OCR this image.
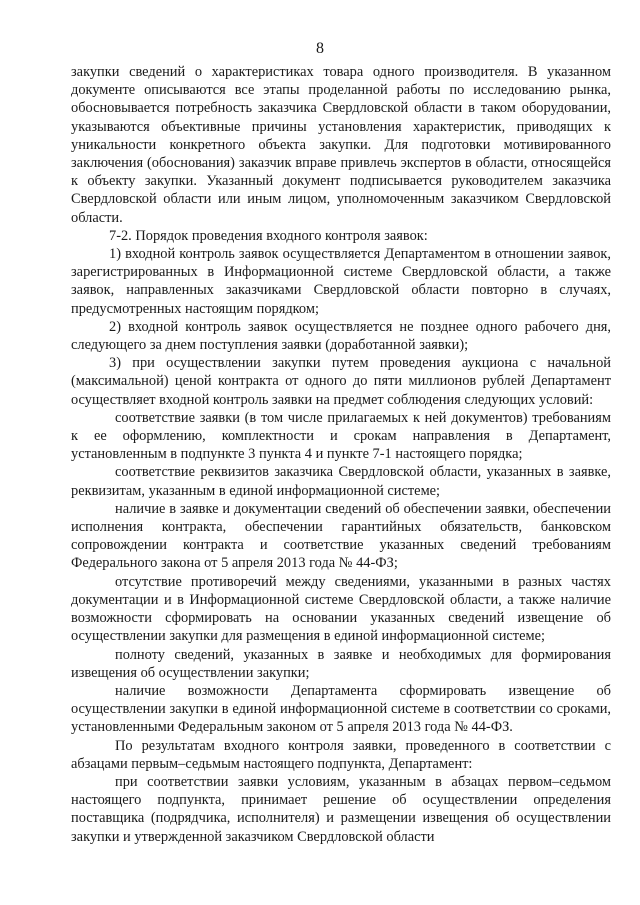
8

закупки сведений о характеристиках товара одного производителя. В указанном документе описываются все этапы проделанной работы по исследованию рынка, обосновывается потребность заказчика Свердловской области в таком оборудовании, указываются объективные причины установления характеристик, приводящих к уникальности конкретного объекта закупки. Для подготовки мотивированного заключения (обоснования) заказчик вправе привлечь экспертов в области, относящейся к объекту закупки. Указанный документ подписывается руководителем заказчика Свердловской области или иным лицом, уполномоченным заказчиком Свердловской области.

7-2. Порядок проведения входного контроля заявок:

1) входной контроль заявок осуществляется Департаментом в отношении заявок, зарегистрированных в Информационной системе Свердловской области, а также заявок, направленных заказчиками Свердловской области повторно в случаях, предусмотренных настоящим порядком;

2) входной контроль заявок осуществляется не позднее одного рабочего дня, следующего за днем поступления заявки (доработанной заявки);

3) при осуществлении закупки путем проведения аукциона с начальной (максимальной) ценой контракта от одного до пяти миллионов рублей Департамент осуществляет входной контроль заявки на предмет соблюдения следующих условий:

соответствие заявки (в том числе прилагаемых к ней документов) требованиям к ее оформлению, комплектности и срокам направления в Департамент, установленным в подпункте 3 пункта 4 и пункте 7-1 настоящего порядка;

соответствие реквизитов заказчика Свердловской области, указанных в заявке, реквизитам, указанным в единой информационной системе;

наличие в заявке и документации сведений об обеспечении заявки, обеспечении исполнения контракта, обеспечении гарантийных обязательств, банковском сопровождении контракта и соответствие указанных сведений требованиям Федерального закона от 5 апреля 2013 года № 44-ФЗ;

отсутствие противоречий между сведениями, указанными в разных частях документации и в Информационной системе Свердловской области, а также наличие возможности сформировать на основании указанных сведений извещение об осуществлении закупки для размещения в единой информационной системе;

полноту сведений, указанных в заявке и необходимых для формирования извещения об осуществлении закупки;

наличие возможности Департамента сформировать извещение об осуществлении закупки в единой информационной системе в соответствии со сроками, установленными Федеральным законом от 5 апреля 2013 года № 44-ФЗ.

По результатам входного контроля заявки, проведенного в соответствии с абзацами первым–седьмым настоящего подпункта, Департамент:

при соответствии заявки условиям, указанным в абзацах первом–седьмом настоящего подпункта, принимает решение об осуществлении определения поставщика (подрядчика, исполнителя) и размещении извещения об осуществлении закупки и утвержденной заказчиком Свердловской области
